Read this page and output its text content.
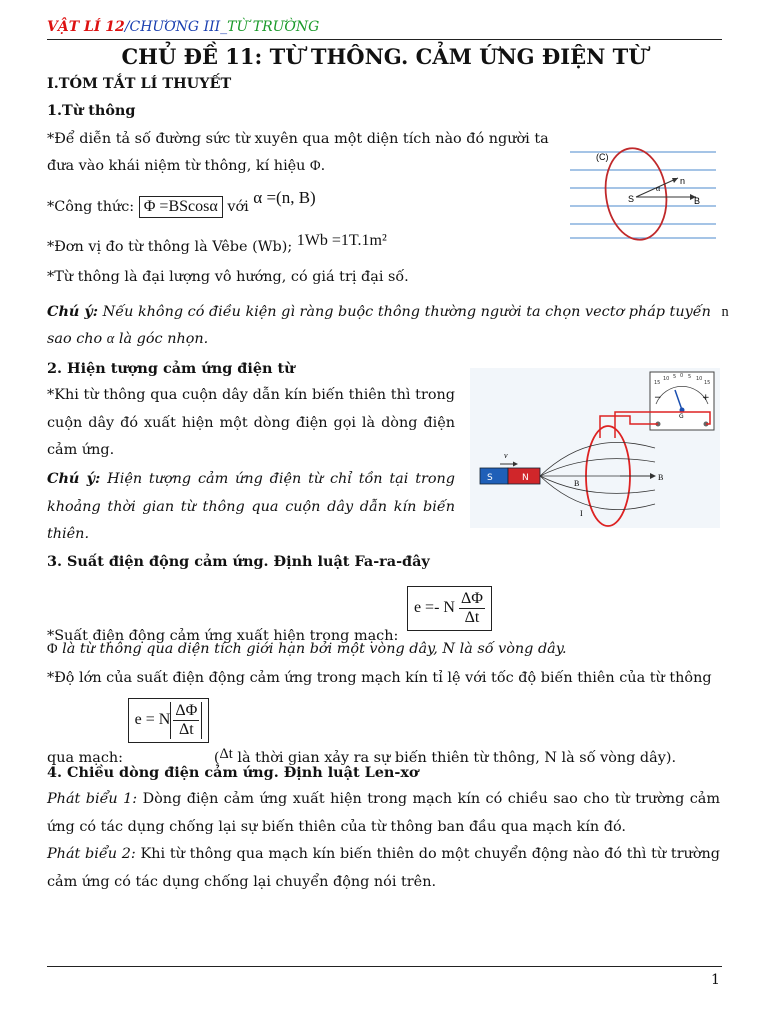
VẬT LÍ 12/CHƯƠNG III_TỪ TRƯỜNG
CHỦ ĐỀ 11: TỪ THÔNG. CẢM ỨNG ĐIỆN TỪ
I.TÓM TẮT LÍ THUYẾT
1.Từ thông
*Để diễn tả số đường sức từ xuyên qua một diện tích nào đó người ta
đưa vào khái niệm từ thông, kí hiệu Φ.
*Công thức: Φ =BScosα với α =(n, B)
*Đơn vị đo từ thông là Vêbe (Wb); 1Wb =1T.1m²
*Từ thông là đại lượng vô hướng, có giá trị đại số.
Chú ý: Nếu không có điều kiện gì ràng buộc thông thường người ta chọn vectơ pháp tuyến n
sao cho α là góc nhọn.
(C)
n
α
S	B
2. Hiện tượng cảm ứng điện từ
*Khi từ thông qua cuộn dây dẫn kín biến thiên thì trong cuộn dây đó xuất hiện một dòng điện gọi là dòng điện cảm ứng.
Chú ý: Hiện tượng cảm ứng điện từ chỉ tồn tại trong khoảng thời gian từ thông qua cuộn dây dẫn kín biến thiên.
15
10 5 0 5 10
15
−	+
G
S	N
v
B
B
I
3. Suất điện động cảm ứng. Định luật Fa-ra-đây
*Suất điện động cảm ứng xuất hiện trong mạch: e =- N $\frac{\Delta\Phi}{\Delta t}$
Φ là từ thông qua diện tích giới hạn bởi một vòng dây, N là số vòng dây.
*Độ lớn của suất điện động cảm ứng trong mạch kín tỉ lệ với tốc độ biến thiên của từ thông
qua mạch: e = N $\frac{\Delta\Phi}{\Delta t}$
(Δt là thời gian xảy ra sự biến thiên từ thông, N là số vòng dây).
4. Chiều dòng điện cảm ứng. Định luật Len-xơ
Phát biểu 1: Dòng điện cảm ứng xuất hiện trong mạch kín có chiều sao cho từ trường cảm ứng có tác dụng chống lại sự biến thiên của từ thông ban đầu qua mạch kín đó.
Phát biểu 2: Khi từ thông qua mạch kín biến thiên do một chuyển động nào đó thì từ trường cảm ứng có tác dụng chống lại chuyển động nói trên.
1
